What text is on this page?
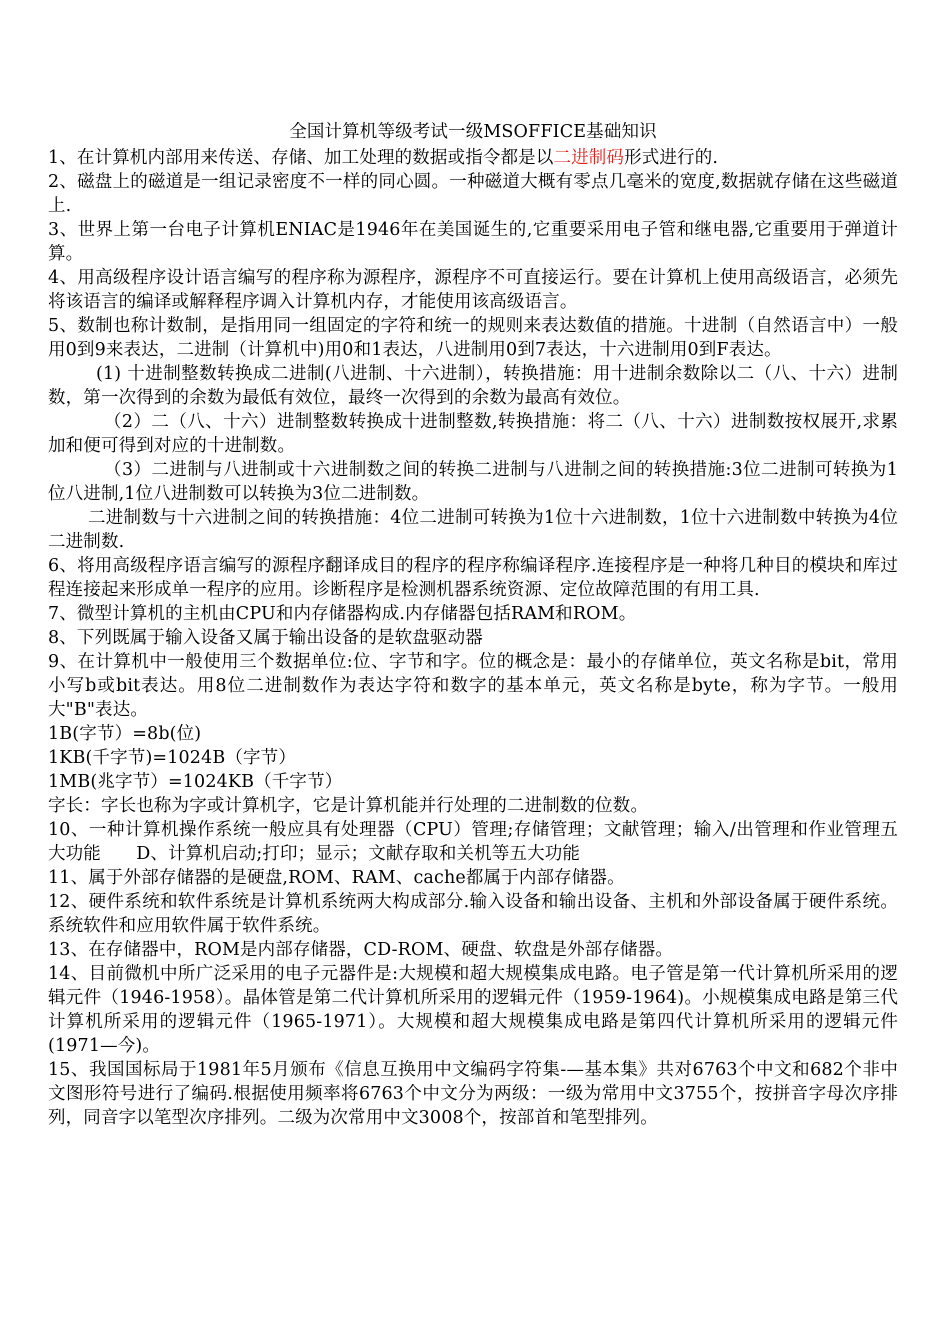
全国计算机等级考试一级MSOFFICE基础知识

1、在计算机内部用来传送、存储、加工处理的数据或指令都是以二进制码形式进行的.

2、磁盘上的磁道是一组记录密度不一样的同心圆。一种磁道大概有零点几毫米的宽度,数据就存储在这些磁道上.

3、世界上第一台电子计算机ENIAC是1946年在美国诞生的,它重要采用电子管和继电器,它重要用于弹道计算。

4、用高级程序设计语言编写的程序称为源程序，源程序不可直接运行。要在计算机上使用高级语言，必须先将该语言的编译或解释程序调入计算机内存，才能使用该高级语言。

5、数制也称计数制，是指用同一组固定的字符和统一的规则来表达数值的措施。十进制（自然语言中）一般用0到9来表达，二进制（计算机中)用0和1表达，八进制用0到7表达，十六进制用0到F表达。

(1) 十进制整数转换成二进制(八进制、十六进制），转换措施：用十进制余数除以二（八、十六）进制数，第一次得到的余数为最低有效位，最终一次得到的余数为最高有效位。

（2）二（八、十六）进制整数转换成十进制整数,转换措施：将二（八、十六）进制数按权展开,求累加和便可得到对应的十进制数。

（3）二进制与八进制或十六进制数之间的转换二进制与八进制之间的转换措施:3位二进制可转换为1位八进制,1位八进制数可以转换为3位二进制数。

二进制数与十六进制之间的转换措施：4位二进制可转换为1位十六进制数，1位十六进制数中转换为4位二进制数.

6、将用高级程序语言编写的源程序翻译成目的程序的程序称编译程序.连接程序是一种将几种目的模块和库过程连接起来形成单一程序的应用。诊断程序是检测机器系统资源、定位故障范围的有用工具.

7、微型计算机的主机由CPU和内存储器构成.内存储器包括RAM和ROM。

8、下列既属于输入设备又属于输出设备的是软盘驱动器

9、在计算机中一般使用三个数据单位:位、字节和字。位的概念是：最小的存储单位，英文名称是bit，常用小写b或bit表达。用8位二进制数作为表达字符和数字的基本单元，英文名称是byte，称为字节。一般用大"B"表达。

1B(字节）=8b(位)

1KB(千字节)=1024B（字节）

1MB(兆字节）=1024KB（千字节）

字长：字长也称为字或计算机字，它是计算机能并行处理的二进制数的位数。

10、一种计算机操作系统一般应具有处理器（CPU）管理;存储管理；文献管理；输入/出管理和作业管理五大功能　　D、计算机启动;打印；显示；文献存取和关机等五大功能

11、属于外部存储器的是硬盘,ROM、RAM、cache都属于内部存储器。

12、硬件系统和软件系统是计算机系统两大构成部分.输入设备和输出设备、主机和外部设备属于硬件系统。系统软件和应用软件属于软件系统。

13、在存储器中，ROM是内部存储器，CD-ROM、硬盘、软盘是外部存储器。

14、目前微机中所广泛采用的电子元器件是:大规模和超大规模集成电路。电子管是第一代计算机所采用的逻辑元件（1946-1958）。晶体管是第二代计算机所采用的逻辑元件（1959-1964)。小规模集成电路是第三代计算机所采用的逻辑元件（1965-1971）。大规模和超大规模集成电路是第四代计算机所采用的逻辑元件(1971—今)。

15、我国国标局于1981年5月颁布《信息互换用中文编码字符集-—基本集》共对6763个中文和682个非中文图形符号进行了编码.根据使用频率将6763个中文分为两级：一级为常用中文3755个，按拼音字母次序排列，同音字以笔型次序排列。二级为次常用中文3008个，按部首和笔型排列。
